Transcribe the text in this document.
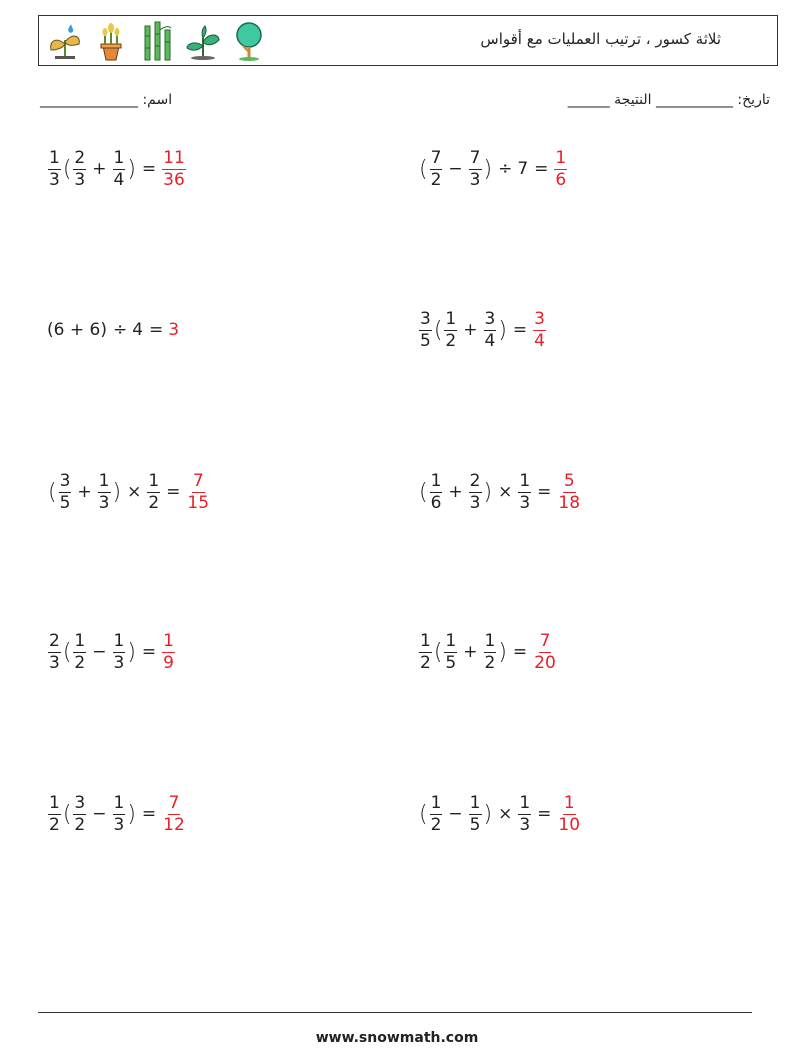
ثلاثة كسور ، ترتيب العمليات مع أقواس
اسم: ______________	تاريخ: ___________ النتيجة ______
$\frac{1}{3}$ ( $\frac{2}{3} + \frac{1}{4}$ ) = $\frac{11}{36}$	( $\frac{7}{2} - \frac{7}{3}$ ) ÷ $7 = \frac{1}{6}$
(6 + 6) ÷ 4 = 3	$\frac{3}{5}$ ( $\frac{1}{2} + \frac{3}{4}$ ) = $\frac{3}{4}$
( $\frac{3}{5} + \frac{1}{3}$ ) × $\frac{1}{2} = \frac{7}{15}$	( $\frac{1}{6} + \frac{2}{3}$ ) × $\frac{1}{3} = \frac{5}{18}$
$\frac{2}{3}$ ( $\frac{1}{2} - \frac{1}{3}$ ) = $\frac{1}{9}$	$\frac{1}{2}$ ( $\frac{1}{5} + \frac{1}{2}$ ) = $\frac{7}{20}$
$\frac{1}{2}$ ( $\frac{3}{2} - \frac{1}{3}$ ) = $\frac{7}{12}$	( $\frac{1}{2} - \frac{1}{5}$ ) × $\frac{1}{3} = \frac{1}{10}$
www.snowmath.com
